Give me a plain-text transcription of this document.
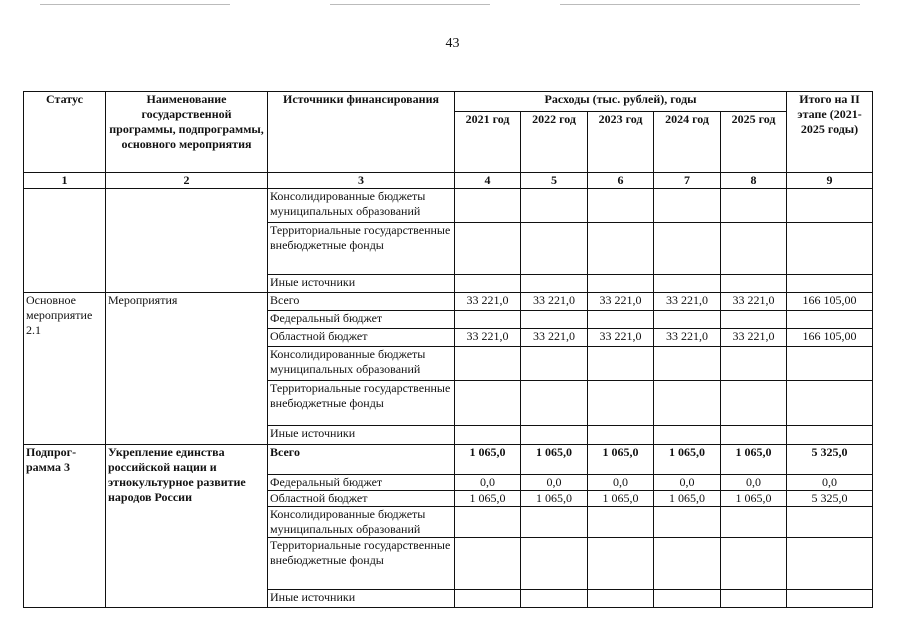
43
Статус	Наименование государственной программы, подпрограммы, основного мероприятия	Источники финансирования	Расходы (тыс. рублей), годы					Итого на II этапе (2021-2025 годы)
			2021 год	2022 год	2023 год	2024 год	2025 год	
1	2	3	4	5	6	7	8	9
		Консолидированные бюджеты муниципальных образований						
		Территориальные государственные внебюджетные фонды						
		Иные источники						
Основное мероприятие 2.1	Мероприятия	Всего	33 221,0	33 221,0	33 221,0	33 221,0	33 221,0	166 105,00
		Федеральный бюджет						
		Областной бюджет	33 221,0	33 221,0	33 221,0	33 221,0	33 221,0	166 105,00
		Консолидированные бюджеты муниципальных образований						
		Территориальные государственные внебюджетные фонды						
		Иные источники						
Подпрог-рамма 3	Укрепление единства российской нации и этнокультурное развитие народов России	Всего	1 065,0	1 065,0	1 065,0	1 065,0	1 065,0	5 325,0
		Федеральный бюджет	0,0	0,0	0,0	0,0	0,0	0,0
		Областной бюджет	1 065,0	1 065,0	1 065,0	1 065,0	1 065,0	5 325,0
		Консолидированные бюджеты муниципальных образований						
		Территориальные государственные внебюджетные фонды						
		Иные источники						
